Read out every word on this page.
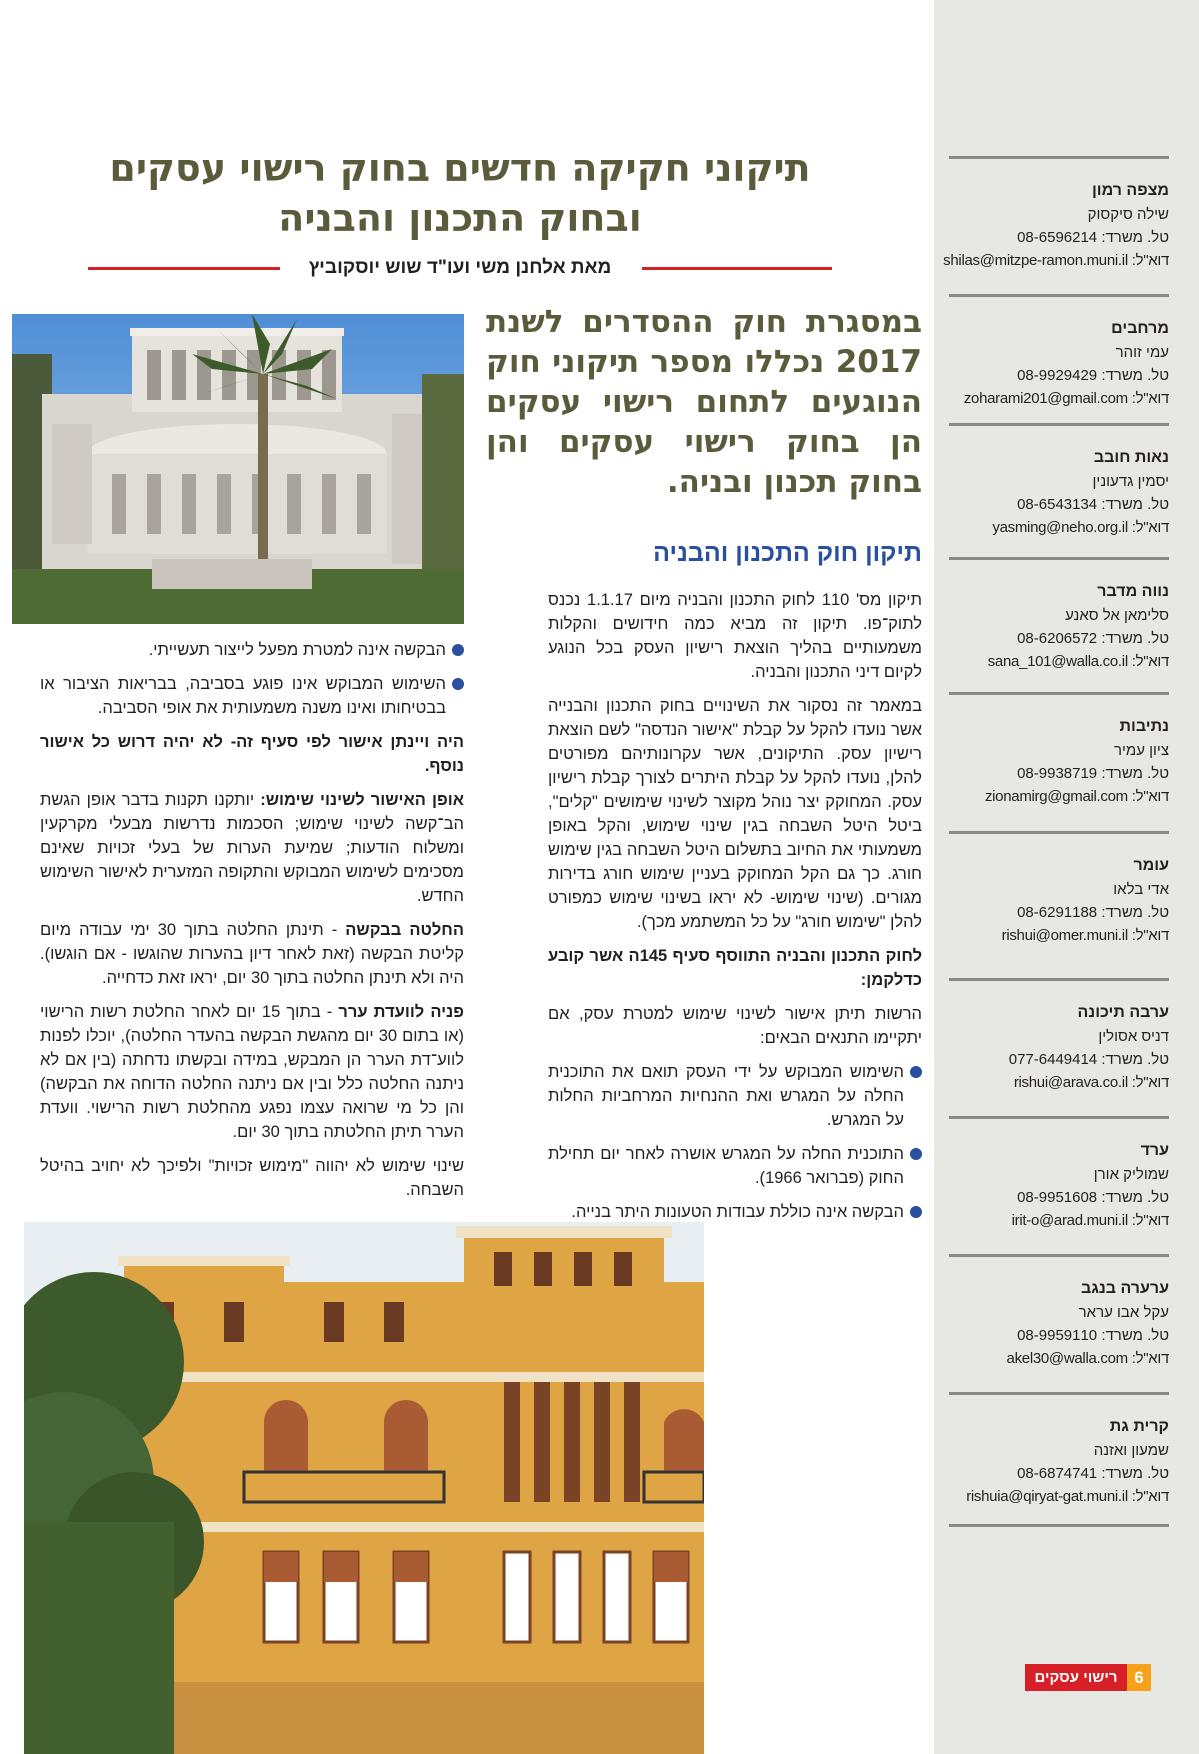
מצפה רמון
שילה סיקסוק
טל. משרד: 08-6596214
דוא"ל: shilas@mitzpe-ramon.muni.il
מרחבים
עמי זוהר
טל. משרד: 08-9929429
דוא"ל: zoharami201@gmail.com
נאות חובב
יסמין גדעונין
טל. משרד: 08-6543134
דוא"ל: yasming@neho.org.il
נווה מדבר
סלימאן אל סאנע
טל. משרד: 08-6206572
דוא"ל: sana_101@walla.co.il
נתיבות
ציון עמיר
טל. משרד: 08-9938719
דוא"ל: zionamirg@gmail.com
עומר
אדי בלאו
טל. משרד: 08-6291188
דוא"ל: rishui@omer.muni.il
ערבה תיכונה
דניס אסולין
טל. משרד: 077-6449414
דוא"ל: rishui@arava.co.il
ערד
שמוליק אורן
טל. משרד: 08-9951608
דוא"ל: irit-o@arad.muni.il
ערערה בנגב
עקל אבו עראר
טל. משרד: 08-9959110
דוא"ל: akel30@walla.com
קרית גת
שמעון ואזנה
טל. משרד: 08-6874741
דוא"ל: rishuia@qiryat-gat.muni.il
תיקוני חקיקה חדשים בחוק רישוי עסקים
ובחוק התכנון והבניה
מאת אלחנן משי ועו"ד שוש יוסקוביץ

במסגרת חוק ההסדרים לשנת 2017 נכללו מספר תיקוני חוק הנוגעים לתחום רישוי עסקים הן בחוק רישוי עסקים והן בחוק תכנון ובניה.

תיקון חוק התכנון והבניה

תיקון מס' 110 לחוק התכנון והבניה מיום 1.1.17 נכנס לתוק־פו. תיקון זה מביא כמה חידושים והקלות משמעותיים בהליך הוצאת רישיון העסק בכל הנוגע לקיום דיני התכנון והבניה.

במאמר זה נסקור את השינויים בחוק התכנון והבנייה אשר נועדו להקל על קבלת "אישור הנדסה" לשם הוצאת רישיון עסק. התיקונים, אשר עקרונותיהם מפורטים להלן, נועדו להקל על קבלת היתרים לצורך קבלת רישיון עסק. המחוקק יצר נוהל מקוצר לשינוי שימושים "קלים", ביטל היטל השבחה בגין שינוי שימוש, והקל באופן משמעותי את החיוב בתשלום היטל השבחה בגין שימוש חורג. כך גם הקל המחוקק בעניין שימוש חורג בדירות מגורים. (שינוי שימוש- לא יראו בשינוי שימוש כמפורט להלן "שימוש חורג" על כל המשתמע מכך).

לחוק התכנון והבניה התווסף סעיף 145ה אשר קובע כדלקמן:

הרשות תיתן אישור לשינוי שימוש למטרת עסק, אם יתקיימו התנאים הבאים:

השימוש המבוקש על ידי העסק תואם את התוכנית החלה על המגרש ואת ההנחיות המרחביות החלות על המגרש.

התוכנית החלה על המגרש אושרה לאחר יום תחילת החוק (פברואר 1966).

הבקשה אינה כוללת עבודות הטעונות היתר בנייה.

הבקשה אינה למטרת מפעל לייצור תעשייתי.

השימוש המבוקש אינו פוגע בסביבה, בבריאות הציבור או בבטיחותו ואינו משנה משמעותית את אופי הסביבה.

היה ויינתן אישור לפי סעיף זה- לא יהיה דרוש כל אישור נוסף.

אופן האישור לשינוי שימוש: יותקנו תקנות בדבר אופן הגשת הב־קשה לשינוי שימוש; הסכמות נדרשות מבעלי מקרקעין ומשלוח הודעות; שמיעת הערות של בעלי זכויות שאינם מסכימים לשימוש המבוקש והתקופה המזערית לאישור השימוש החדש.

החלטה בבקשה - תינתן החלטה בתוך 30 ימי עבודה מיום קליטת הבקשה (זאת לאחר דיון בהערות שהוגשו - אם הוגשו). היה ולא תינתן החלטה בתוך 30 יום, יראו זאת כדחייה.

פניה לוועדת ערר - בתוך 15 יום לאחר החלטת רשות הרישוי (או בתום 30 יום מהגשת הבקשה בהעדר החלטה), יוכלו לפנות לווע־דת הערר הן המבקש, במידה ובקשתו נדחתה (בין אם לא ניתנה החלטה כלל ובין אם ניתנה החלטה הדוחה את הבקשה) והן כל מי שרואה עצמו נפגע מהחלטת רשות הרישוי. וועדת הערר תיתן החלטתה בתוך 30 יום.

שינוי שימוש לא יהווה "מימוש זכויות" ולפיכך לא יחויב בהיטל השבחה.

6
רישוי עסקים
